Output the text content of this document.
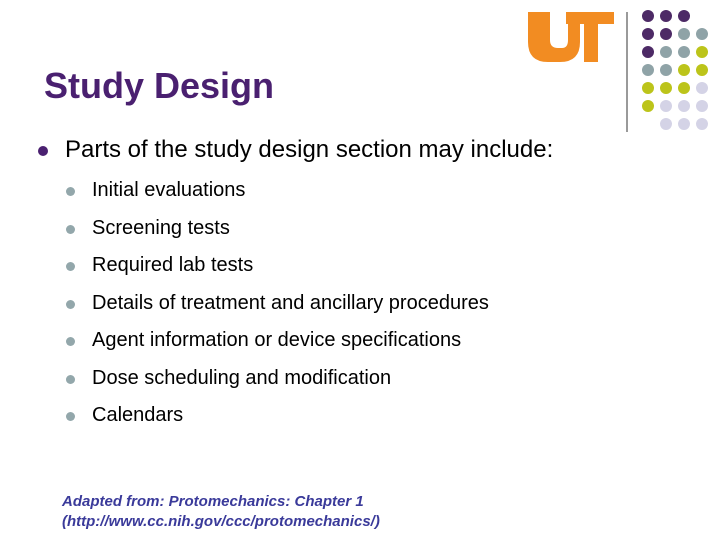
Study Design
Parts of the study design section may include:
Initial evaluations
Screening tests
Required lab tests
Details of treatment and ancillary procedures
Agent information or device specifications
Dose scheduling and modification
Calendars
Adapted from: Protomechanics: Chapter 1
(http://www.cc.nih.gov/ccc/protomechanics/)
